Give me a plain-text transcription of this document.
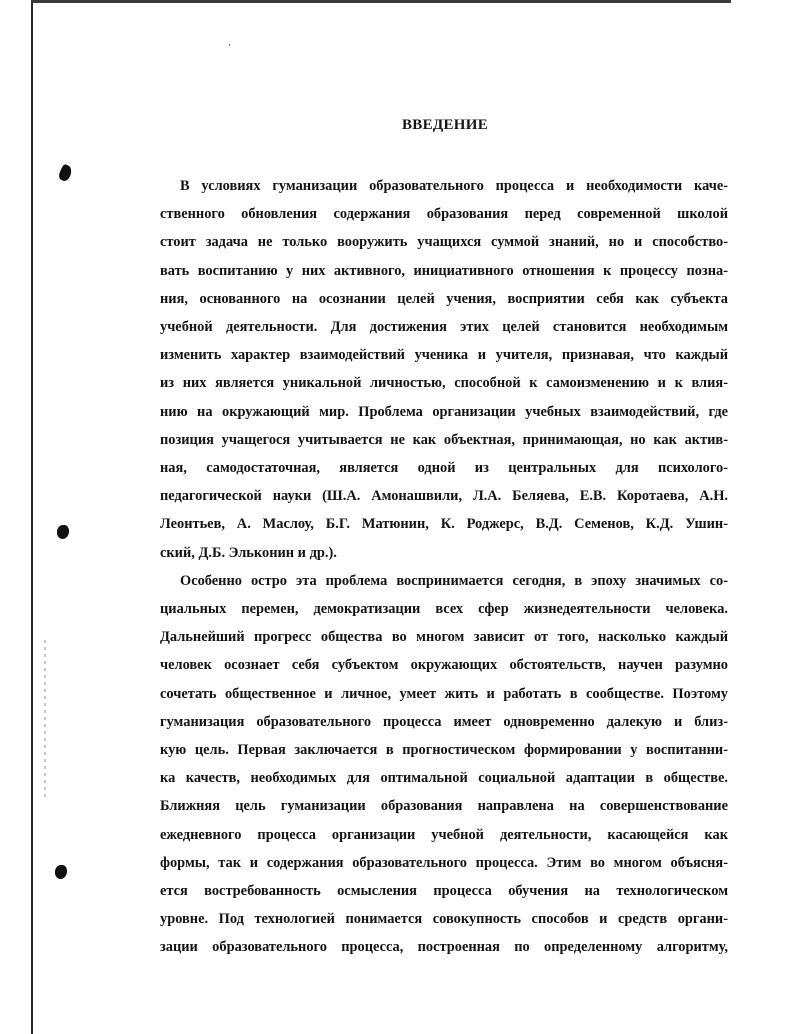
ВВЕДЕНИЕ

В условиях гуманизации образовательного процесса и необходимости каче-
ственного обновления содержания образования перед современной школой
стоит задача не только вооружить учащихся суммой знаний, но и способство-
вать воспитанию у них активного, инициативного отношения к процессу позна-
ния, основанного на осознании целей учения, восприятии себя как субъекта
учебной деятельности. Для достижения этих целей становится необходимым
изменить характер взаимодействий ученика и учителя, признавая, что каждый
из них является уникальной личностью, способной к самоизменению и к влия-
нию на окружающий мир. Проблема организации учебных взаимодействий, где
позиция учащегося учитывается не как объектная, принимающая, но как актив-
ная, самодостаточная, является одной из центральных для психолого-
педагогической науки (Ш.А. Амонашвили, Л.А. Беляева, Е.В. Коротаева, А.Н.
Леонтьев, А. Маслоу, Б.Г. Матюнин, К. Роджерс, В.Д. Семенов, К.Д. Ушин-
ский, Д.Б. Эльконин и др.).

Особенно остро эта проблема воспринимается сегодня, в эпоху значимых со-
циальных перемен, демократизации всех сфер жизнедеятельности человека.
Дальнейший прогресс общества во многом зависит от того, насколько каждый
человек осознает себя субъектом окружающих обстоятельств, научен разумно
сочетать общественное и личное, умеет жить и работать в сообществе. Поэтому
гуманизация образовательного процесса имеет одновременно далекую и близ-
кую цель. Первая заключается в прогностическом формировании у воспитанни-
ка качеств, необходимых для оптимальной социальной адаптации в обществе.
Ближняя цель гуманизации образования направлена на совершенствование
ежедневного процесса организации учебной деятельности, касающейся как
формы, так и содержания образовательного процесса. Этим во многом объясня-
ется востребованность осмысления процесса обучения на технологическом
уровне. Под технологией понимается совокупность способов и средств органи-
зации образовательного процесса, построенная по определенному алгоритму,
